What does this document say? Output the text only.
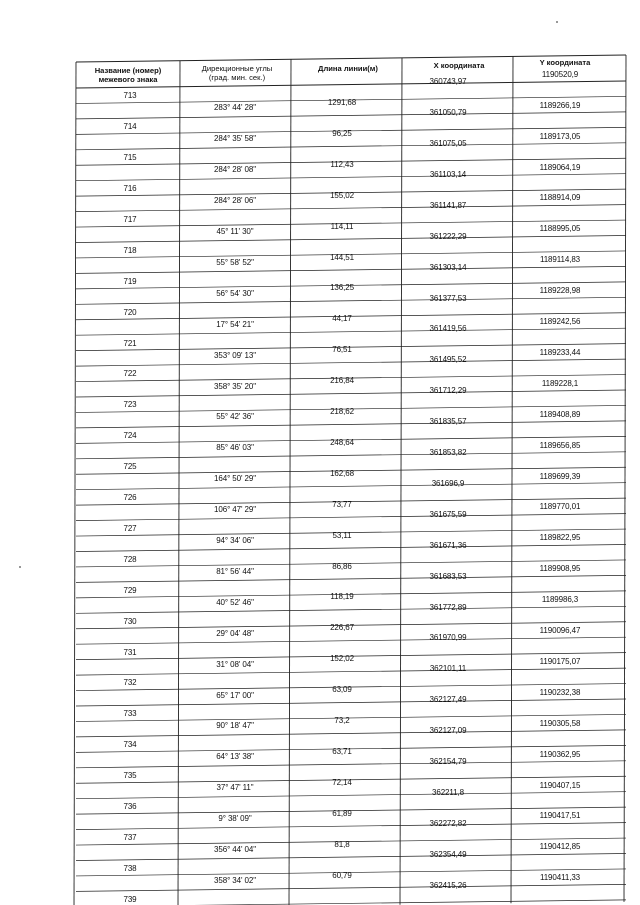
Название (номер)
межевого знака
Дирекционные углы
(град. мин. сек.)
Длина линии(м)	X координата	Y координата
713
360743,97
1190520,9
714
361050,79
1189266,19
715
361075,05
1189173,05
716
361103,14
1189064,19
717
361141,87
1188914,09
718
361222,29
1188995,05
719
361303,14
1189114,83
720
361377,53
1189228,98
721
361419,56
1189242,56
722
361495,52
1189233,44
723
361712,29
1189228,1
724
361835,57
1189408,89
725
361853,82
1189656,85
726
361696,9
1189699,39
727
361675,59
1189770,01
728
361671,36
1189822,95
729
361683,53
1189908,95
730
361772,89
1189986,3
731
361970,99
1190096,47
732
362101,11
1190175,07
733
362127,49
1190232,38
734
362127,09
1190305,58
735
362154,79
1190362,95
736
362211,8
1190407,15
737
362272,82
1190417,51
738
362354,49
1190412,85
739
362415,26
1190411,33
283° 44' 28"
1291,68
284° 35' 58"
96,25
284° 28' 08"
112,43
284° 28' 06"
155,02
45° 11' 30"
114,11
55° 58' 52"
144,51
56° 54' 30"
136,25
17° 54' 21"
44,17
353° 09' 13"
76,51
358° 35' 20"
216,84
55° 42' 36"
218,62
85° 46' 03"
248,64
164° 50' 29"
162,68
106° 47' 29"
73,77
94° 34' 06"
53,11
81° 56' 44"
86,86
40° 52' 46"
118,19
29° 04' 48"
226,67
31° 08' 04"
152,02
65° 17' 00"
63,09
90° 18' 47"
73,2
64° 13' 38"
63,71
37° 47' 11"
72,14
9° 38' 09"
61,89
356° 44' 04"
81,8
358° 34' 02"
60,79
